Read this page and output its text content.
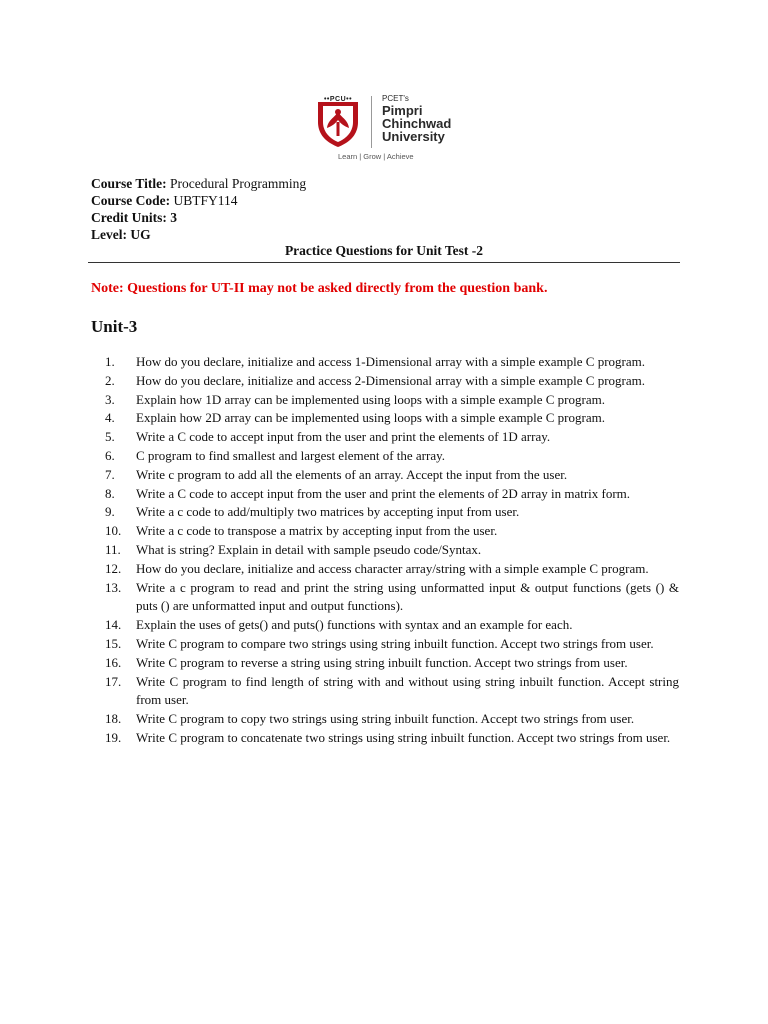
••PCU••	PCET's
Pimpri
Chinchwad
University
Learn | Grow | Achieve
Course Title: Procedural Programming
Course Code: UBTFY114
Credit Units: 3
Level: UG
Practice Questions for Unit Test -2
Note: Questions for UT-II may not be asked directly from the question bank.
Unit-3
1.	How do you declare, initialize and access 1-Dimensional array with a simple example C program.
2.	How do you declare, initialize and access 2-Dimensional array with a simple example C program.
3.	Explain how 1D array can be implemented using loops with a simple example C program.
4.	Explain how 2D array can be implemented using loops with a simple example C program.
5.	Write a C code to accept input from the user and print the elements of 1D array.
6.	C program to find smallest and largest element of the array.
7.	Write c program to add all the elements of an array. Accept the input from the user.
8.	Write a C code to accept input from the user and print the elements of 2D array in matrix form.
9.	Write a c code to add/multiply two matrices by accepting input from user.
10.	Write a c code to transpose a matrix by accepting input from the user.
11.	What is string? Explain in detail with sample pseudo code/Syntax.
12.	How do you declare, initialize and access character array/string with a simple example C program.
13.	Write a c program to read and print the string using unformatted input & output functions (gets () & puts () are unformatted input and output functions).
14.	Explain the uses of gets() and puts() functions with syntax and an example for each.
15.	Write C program to compare two strings using string inbuilt function. Accept two strings from user.
16.	Write C program to reverse a string using string inbuilt function. Accept two strings from user.
17.	Write C program to find length of string with and without using string inbuilt function. Accept string from user.
18.	Write C program to copy two strings using string inbuilt function. Accept two strings from user.
19.	Write C program to concatenate two strings using string inbuilt function. Accept two strings from user.
